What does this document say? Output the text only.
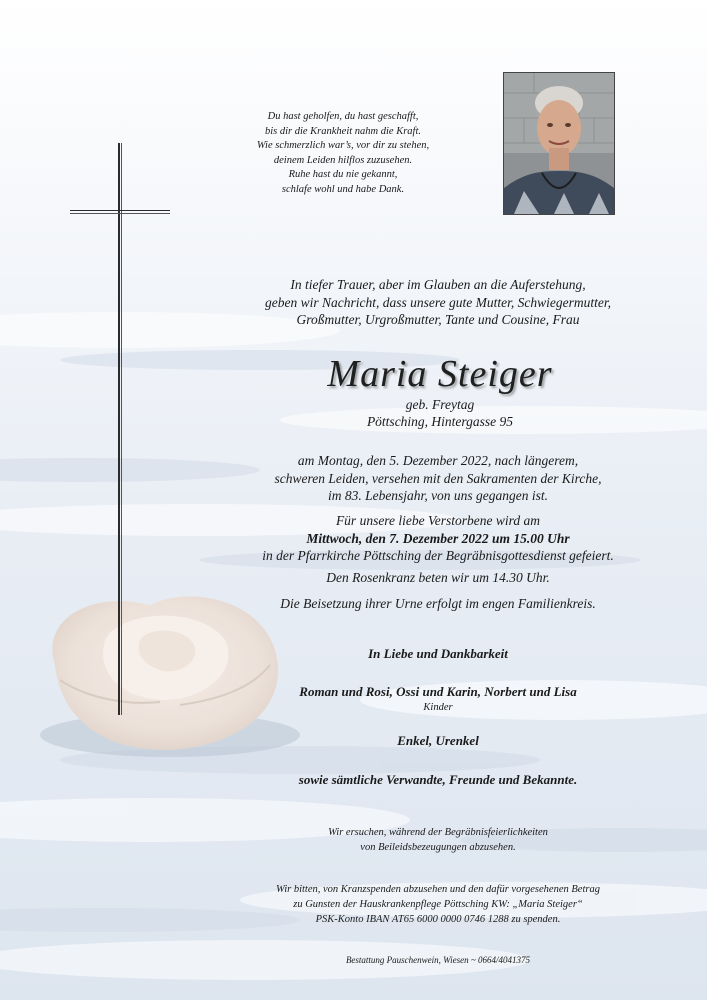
Du hast geholfen, du hast geschafft,
bis dir die Krankheit nahm die Kraft.
Wie schmerzlich war’s, vor dir zu stehen,
deinem Leiden hilflos zuzusehen.
Ruhe hast du nie gekannt,
schlafe wohl und habe Dank.
In tiefer Trauer, aber im Glauben an die Auferstehung,
geben wir Nachricht, dass unsere gute Mutter, Schwiegermutter,
Großmutter, Urgroßmutter, Tante und Cousine, Frau
Maria Steiger
geb. Freytag
Pöttsching, Hintergasse 95
am Montag, den 5. Dezember 2022, nach längerem,
schweren Leiden, versehen mit den Sakramenten der Kirche,
im 83. Lebensjahr, von uns gegangen ist.
Für unsere liebe Verstorbene wird am
Mittwoch, den 7. Dezember 2022 um 15.00 Uhr
in der Pfarrkirche Pöttsching der Begräbnisgottesdienst gefeiert.
Den Rosenkranz beten wir um 14.30 Uhr.
Die Beisetzung ihrer Urne erfolgt im engen Familienkreis.
In Liebe und Dankbarkeit
Roman und Rosi, Ossi und Karin, Norbert und Lisa
Kinder
Enkel, Urenkel
sowie sämtliche Verwandte, Freunde und Bekannte.
Wir ersuchen, während der Begräbnisfeierlichkeiten
von Beileidsbezeugungen abzusehen.
Wir bitten, von Kranzspenden abzusehen und den dafür vorgesehenen Betrag
zu Gunsten der Hauskrankenpflege Pöttsching KW: „Maria Steiger“
PSK-Konto IBAN AT65 6000 0000 0746 1288 zu spenden.
Bestattung Pauschenwein, Wiesen ~ 0664/4041375
